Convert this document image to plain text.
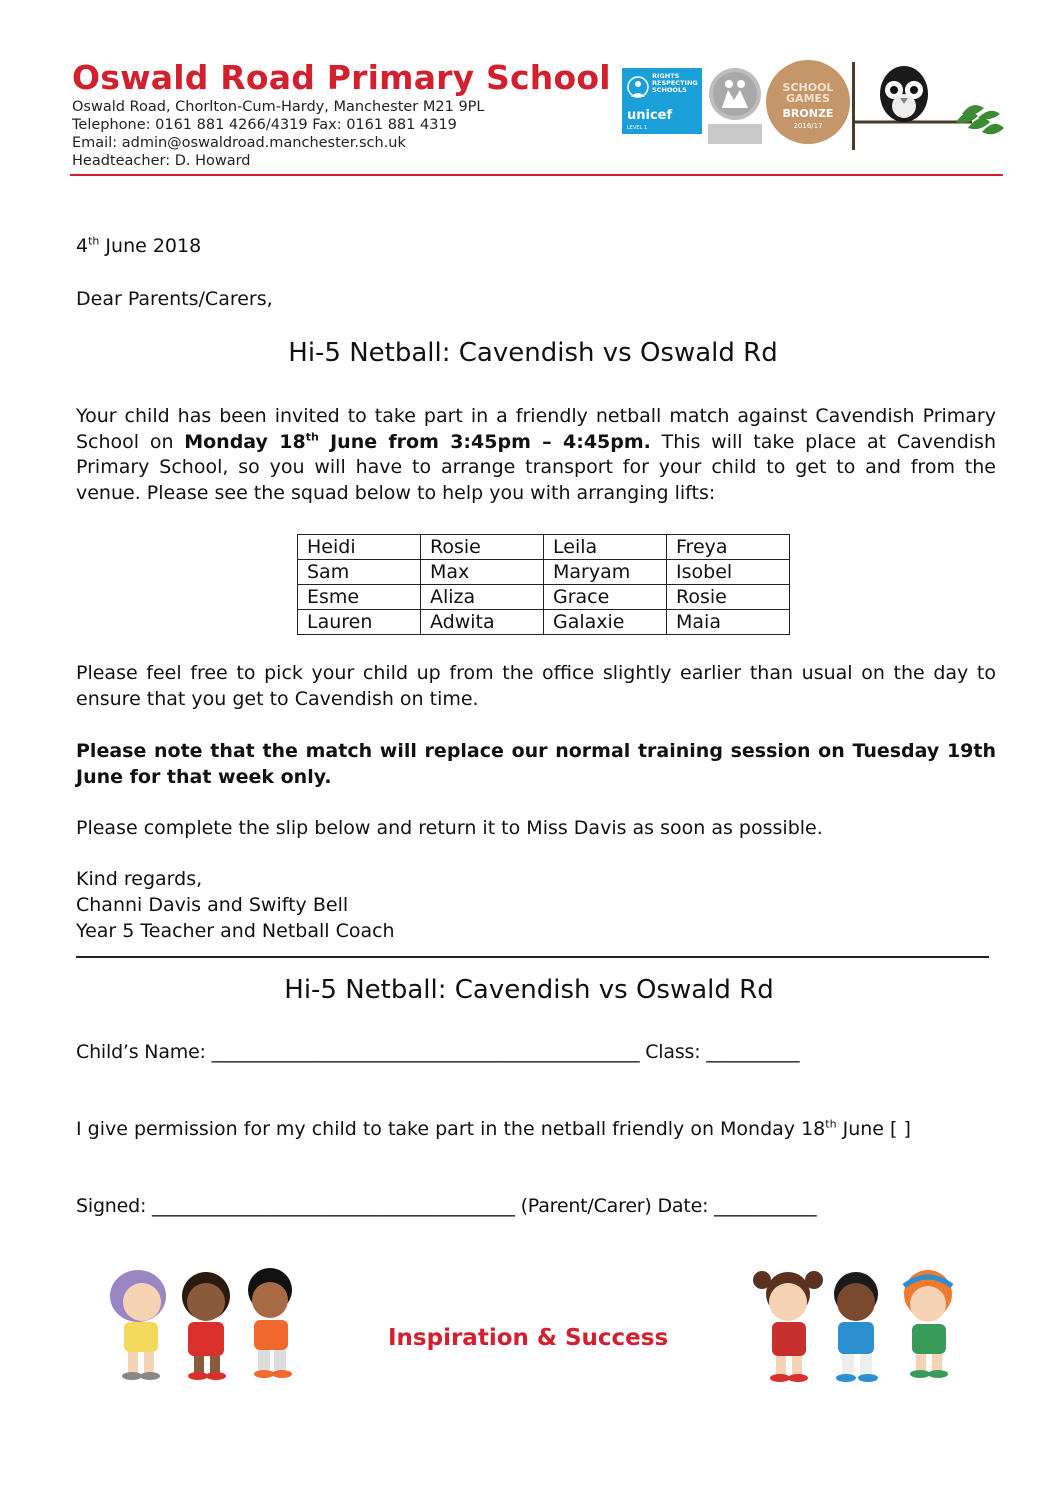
Oswald Road Primary School
Oswald Road, Chorlton-Cum-Hardy, Manchester M21 9PL
Telephone: 0161 881 4266/4319 Fax: 0161 881 4319
Email: admin@oswaldroad.manchester.sch.uk
Headteacher: D. Howard
RIGHTS RESPECTING SCHOOLS
unicef
LEVEL 1

SCHOOL GAMES
BRONZE
2016/17
4th June 2018
Dear Parents/Carers,
Hi-5 Netball: Cavendish vs Oswald Rd
Your child has been invited to take part in a friendly netball match against Cavendish Primary School on Monday 18th June from 3:45pm – 4:45pm. This will take place at Cavendish Primary School, so you will have to arrange transport for your child to get to and from the venue. Please see the squad below to help you with arranging lifts:
Heidi	Rosie	Leila	Freya
Sam	Max	Maryam	Isobel
Esme	Aliza	Grace	Rosie
Lauren	Adwita	Galaxie	Maia
Please feel free to pick your child up from the office slightly earlier than usual on the day to ensure that you get to Cavendish on time.
Please note that the match will replace our normal training session on Tuesday 19th June for that week only.
Please complete the slip below and return it to Miss Davis as soon as possible.
Kind regards,
Channi Davis and Swifty Bell
Year 5 Teacher and Netball Coach
Hi-5 Netball: Cavendish vs Oswald Rd
Child’s Name: ______________________________________________ Class: __________
I give permission for my child to take part in the netball friendly on Monday 18th June [ ]
Signed: _______________________________________ (Parent/Carer) Date: ___________
Inspiration & Success
